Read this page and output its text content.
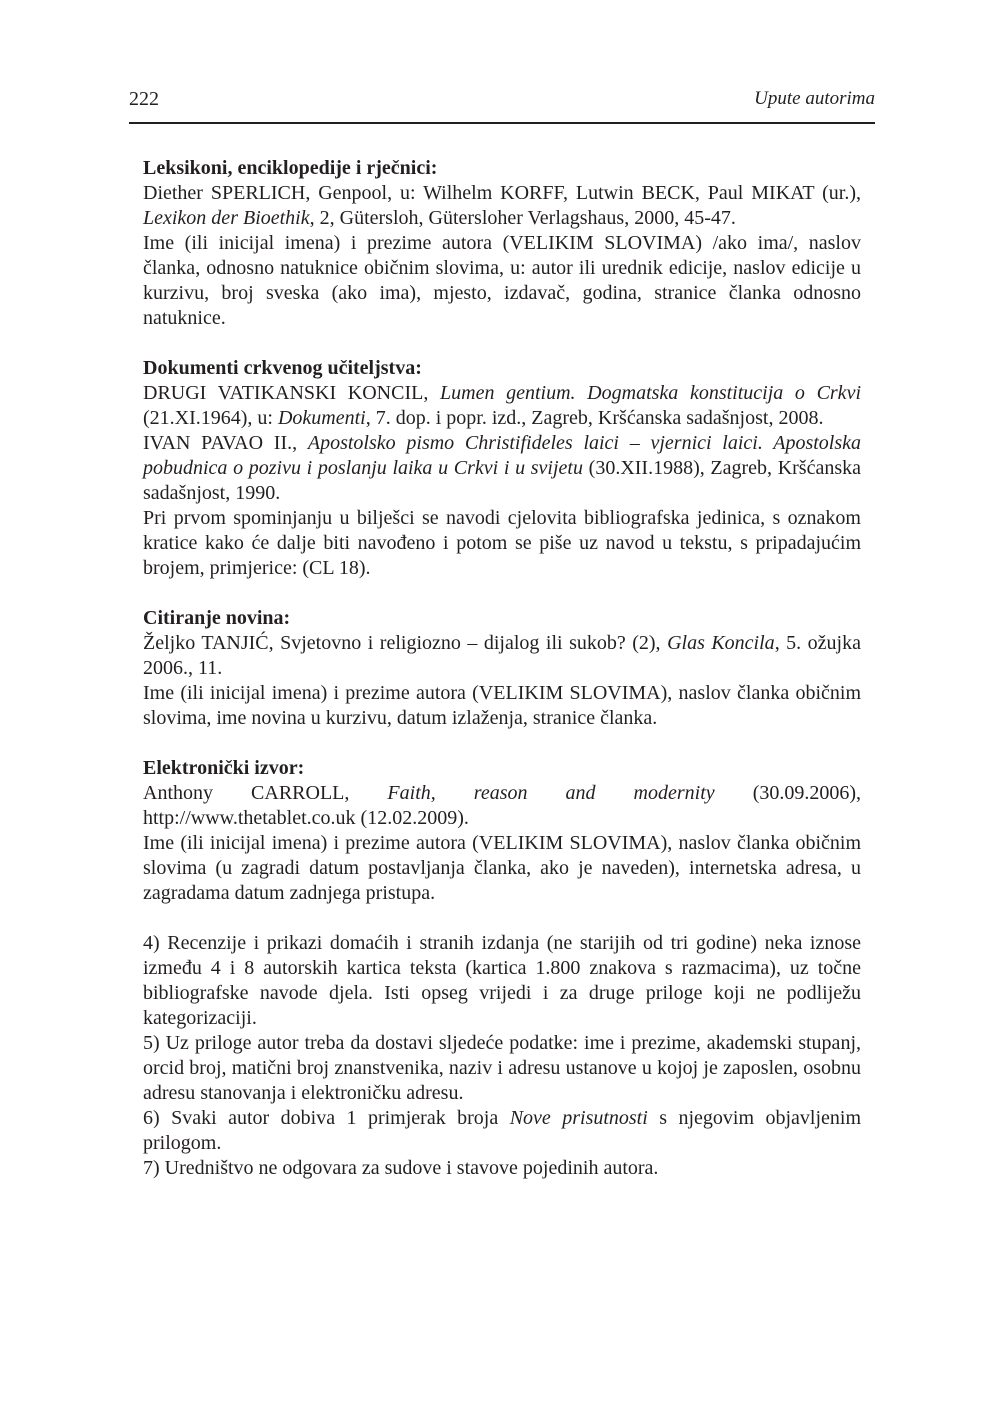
222	Upute autorima

Leksikoni, enciklopedije i rječnici:

Diether SPERLICH, Genpool, u: Wilhelm KORFF, Lutwin BECK, Paul MIKAT (ur.), Lexikon der Bioethik, 2, Gütersloh, Gütersloher Verlagshaus, 2000, 45-47.

Ime (ili inicijal imena) i prezime autora (VELIKIM SLOVIMA) /ako ima/, naslov članka, odnosno natuknice običnim slovima, u: autor ili urednik edicije, naslov edicije u kurzivu, broj sveska (ako ima), mjesto, izdavač, godina, stranice članka odnosno natuknice.

Dokumenti crkvenog učiteljstva:

DRUGI VATIKANSKI KONCIL, Lumen gentium. Dogmatska konstitucija o Crkvi (21.XI.1964), u: Dokumenti, 7. dop. i popr. izd., Zagreb, Kršćanska sadašnjost, 2008.

IVAN PAVAO II., Apostolsko pismo Christifideles laici – vjernici laici. Apostolska pobudnica o pozivu i poslanju laika u Crkvi i u svijetu (30.XII.1988), Zagreb, Kršćanska sadašnjost, 1990.

Pri prvom spominjanju u bilješci se navodi cjelovita bibliografska jedinica, s oznakom kratice kako će dalje biti navođeno i potom se piše uz navod u tekstu, s pripadajućim brojem, primjerice: (CL 18).

Citiranje novina:

Željko TANJIĆ, Svjetovno i religiozno – dijalog ili sukob? (2), Glas Koncila, 5. ožujka 2006., 11.

Ime (ili inicijal imena) i prezime autora (VELIKIM SLOVIMA), naslov članka običnim slovima, ime novina u kurzivu, datum izlaženja, stranice članka.

Elektronički izvor:

Anthony CARROLL, Faith, reason and modernity (30.09.2006), http://www.thetablet.co.uk (12.02.2009).

Ime (ili inicijal imena) i prezime autora (VELIKIM SLOVIMA), naslov članka običnim slovima (u zagradi datum postavljanja članka, ako je naveden), internetska adresa, u zagradama datum zadnjega pristupa.

4) Recenzije i prikazi domaćih i stranih izdanja (ne starijih od tri godine) neka iznose između 4 i 8 autorskih kartica teksta (kartica 1.800 znakova s razmacima), uz točne bibliografske navode djela. Isti opseg vrijedi i za druge priloge koji ne podliježu kategorizaciji.

5) Uz priloge autor treba da dostavi sljedeće podatke: ime i prezime, akademski stupanj, orcid broj, matični broj znanstvenika, naziv i adresu ustanove u kojoj je zaposlen, osobnu adresu stanovanja i elektroničku adresu.

6) Svaki autor dobiva 1 primjerak broja Nove prisutnosti s njegovim objavljenim prilogom.

7) Uredništvo ne odgovara za sudove i stavove pojedinih autora.
